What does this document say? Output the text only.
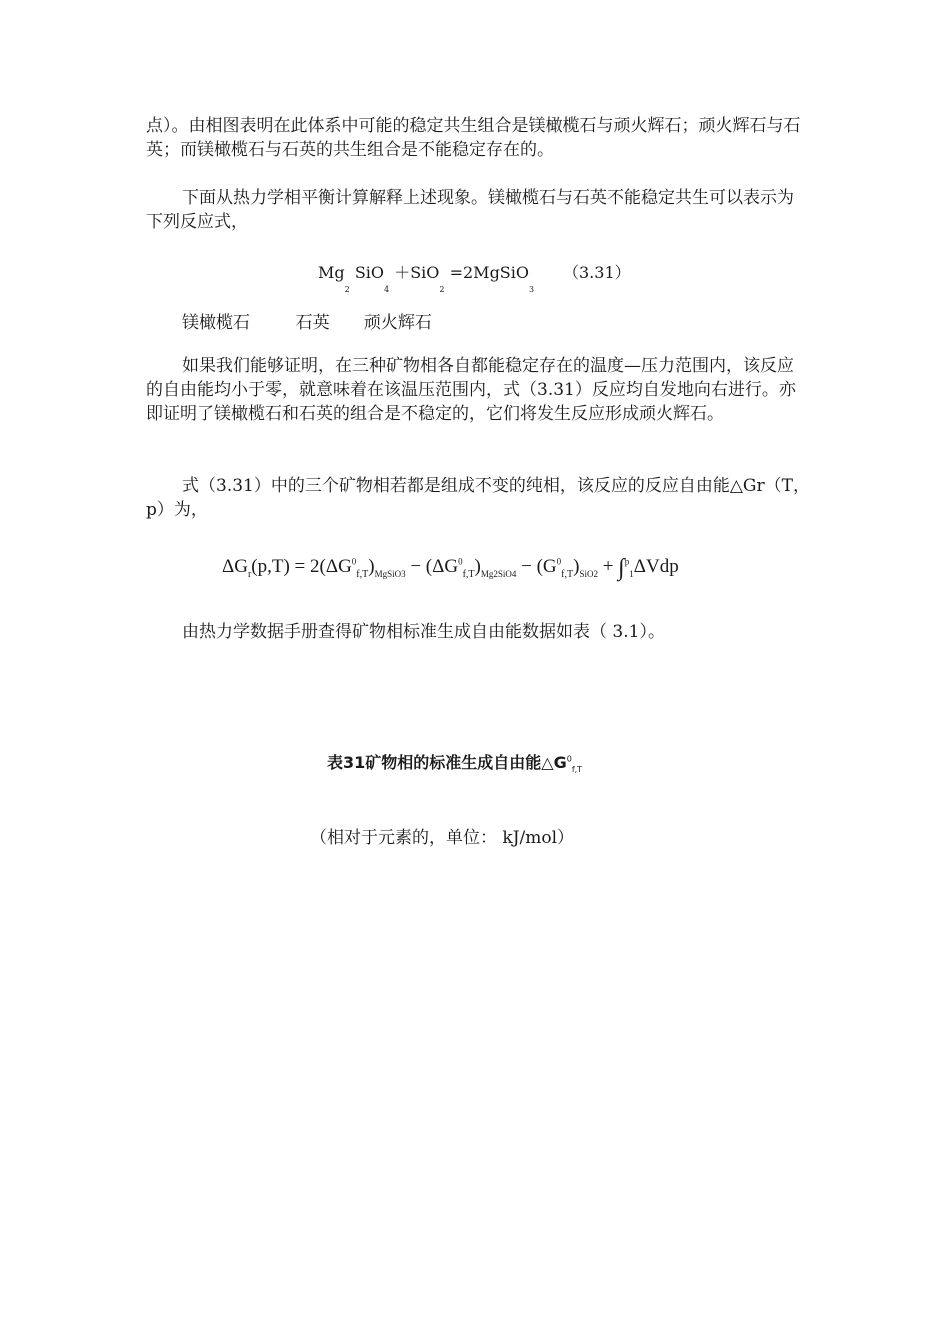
点）。由相图表明在此体系中可能的稳定共生组合是镁橄榄石与顽火辉石；顽火辉石与石英；而镁橄榄石与石英的共生组合是不能稳定存在的。

下面从热力学相平衡计算解释上述现象。镁橄榄石与石英不能稳定共生可以表示为下列反应式，

$Mg_2$ SiO$_4$ ＋SiO$_2$ =2MgSiO$_3$
（3.31）
镁橄榄石	石英 顽火辉石

如果我们能够证明，在三种矿物相各自都能稳定存在的温度—压力范围内，该反应的自由能均小于零，就意味着在该温压范围内，式（3.31）反应均自发地向右进行。亦即证明了镁橄榄石和石英的组合是不稳定的，它们将发生反应形成顽火辉石。

式（3.31）中的三个矿物相若都是组成不变的纯相，该反应的反应自由能△Gr（T，p）为，

$\Delta G_r(p,T) = 2(\Delta G^0_{f,T})_{MgSiO3} - (\Delta G^0_{f,T})_{Mg2SiO4} - (G^0_{f,T})_{SiO2} + \int^p_1\Delta Vdp$

由热力学数据手册查得矿物相标准生成自由能数据如表（ 3.1）。

表31矿物相的标准生成自由能$\triangle G^0_{f,T}$
（相对于元素的，单位： kJ/mol）
